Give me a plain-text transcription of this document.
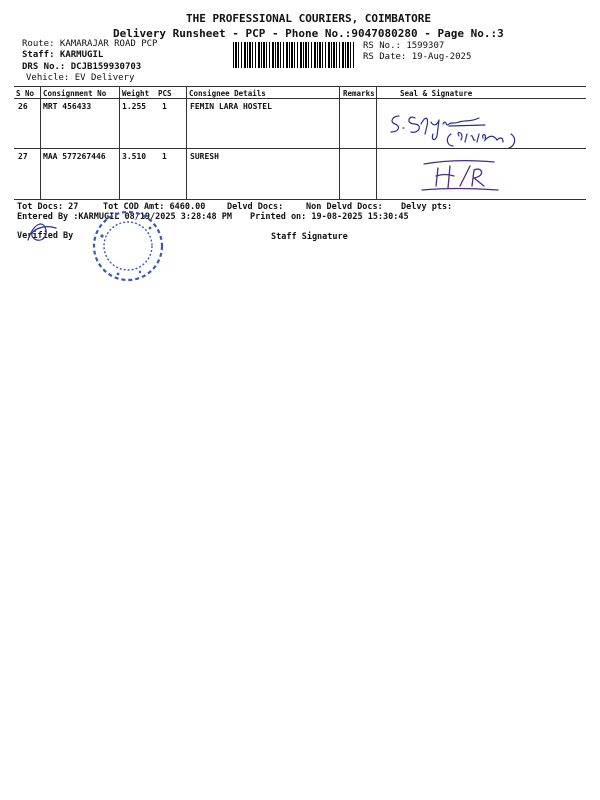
THE PROFESSIONAL COURIERS, COIMBATORE
Delivery Runsheet - PCP - Phone No.:9047080280 - Page No.:3
Route: KAMARAJAR ROAD PCP
Staff: KARMUGIL
DRS No.: DCJB159930703
Vehicle: EV Delivery
RS No.: 1599307
RS Date: 19-Aug-2025
S No Consignment No Weight PCS Consignee Details	Remarks	Seal & Signature
26 MRT 456433	1.255 1	FEMIN LARA HOSTEL
27 MAA 577267446 3.510 1	SURESH
Tot Docs: 27	Tot COD Amt: 6460.00	Delvd Docs:	Non Delvd Docs: Delvy pts:
Entered By :KARMUGIL 08/19/2025 3:28:48 PM Printed on: 19-08-2025 15:30:45
Verified By	Staff Signature
